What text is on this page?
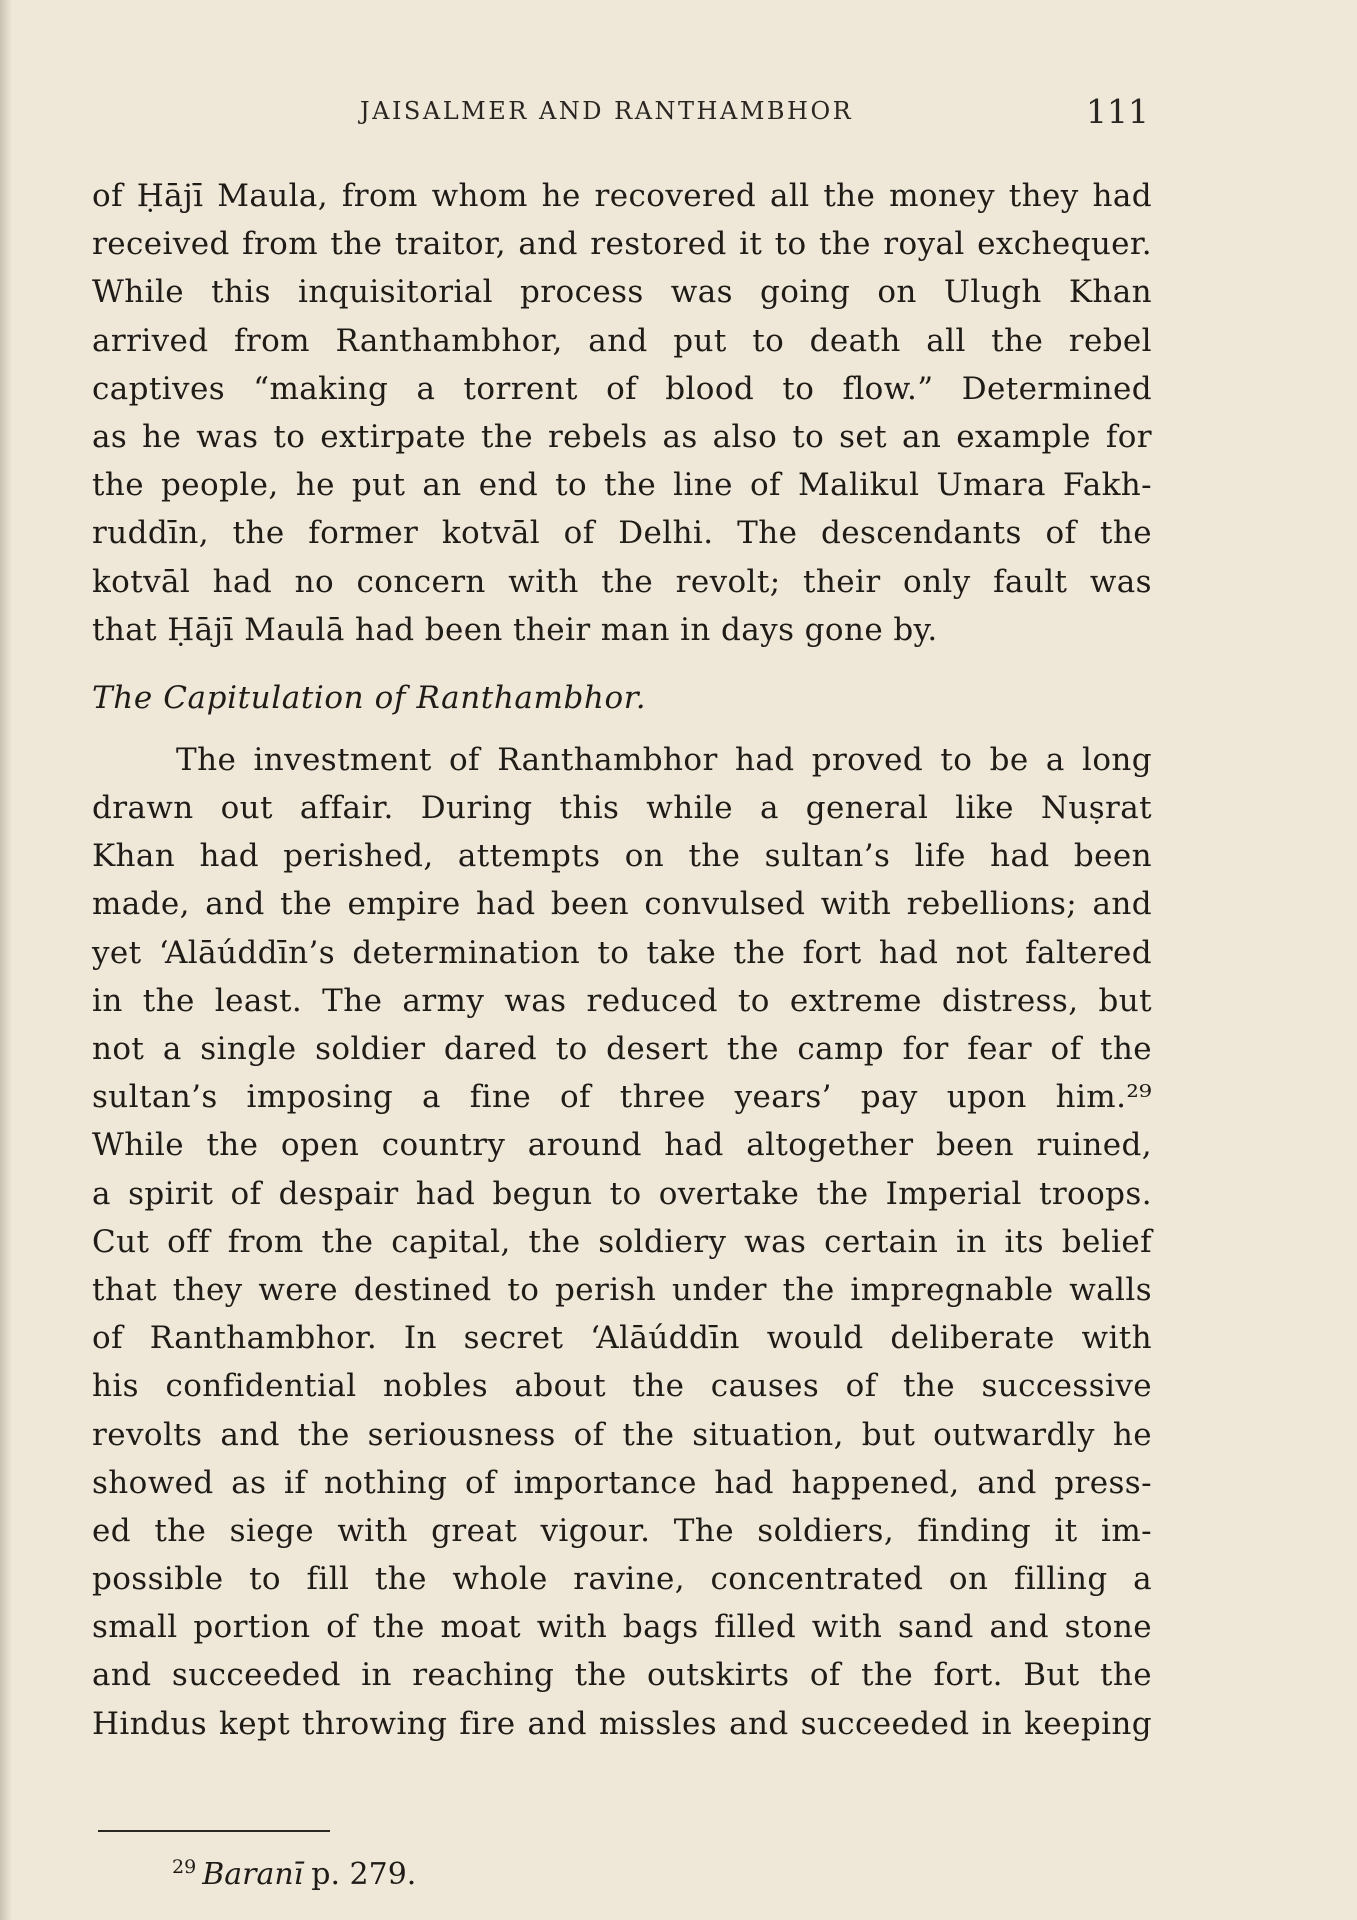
JAISALMER AND RANTHAMBHOR	111
of Ḥājī Maula, from whom he recovered all the money they had
received from the traitor, and restored it to the royal exchequer.
While this inquisitorial process was going on Ulugh Khan
arrived from Ranthambhor, and put to death all the rebel
captives “making a torrent of blood to flow.” Determined
as he was to extirpate the rebels as also to set an example for
the people, he put an end to the line of Malikul Umara Fakh-
ruddīn, the former kotvāl of Delhi. The descendants of the
kotvāl had no concern with the revolt; their only fault was
that Ḥājī Maulā had been their man in days gone by.
The Capitulation of Ranthambhor.
The investment of Ranthambhor had proved to be a long
drawn out affair. During this while a general like Nuṣrat
Khan had perished, attempts on the sultan’s life had been
made, and the empire had been convulsed with rebellions; and
yet ‘Alāúddīn’s determination to take the fort had not faltered
in the least. The army was reduced to extreme distress, but
not a single soldier dared to desert the camp for fear of the
sultan’s imposing a fine of three years’ pay upon him.²⁹
While the open country around had altogether been ruined,
a spirit of despair had begun to overtake the Imperial troops.
Cut off from the capital, the soldiery was certain in its belief
that they were destined to perish under the impregnable walls
of Ranthambhor. In secret ‘Alāúddīn would deliberate with
his confidential nobles about the causes of the successive
revolts and the seriousness of the situation, but outwardly he
showed as if nothing of importance had happened, and press-
ed the siege with great vigour. The soldiers, finding it im-
possible to fill the whole ravine, concentrated on filling a
small portion of the moat with bags filled with sand and stone
and succeeded in reaching the outskirts of the fort. But the
Hindus kept throwing fire and missles and succeeded in keeping
$^{29}$ Baranī p. 279.
